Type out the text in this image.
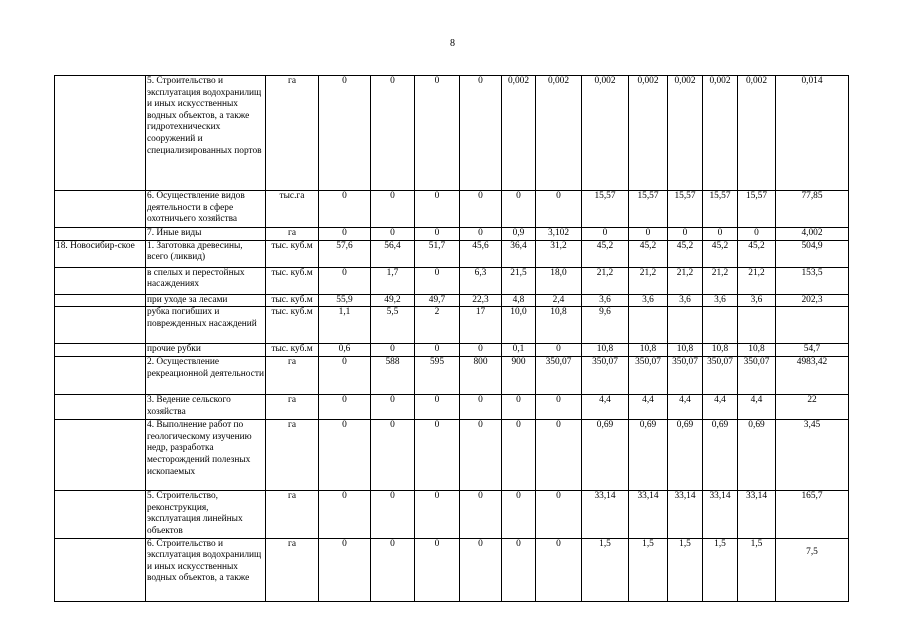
8
	5. Строительство и эксплуатация водохранилищ и иных искусственных водных объектов, а также гидротехнических сооружений и специализированных портов	га	0	0	0	0	0,002	0,002	0,002	0,002	0,002	0,002	0,002	0,014
	6. Осуществление видов деятельности в сфере охотничьего хозяйства	тыс.га	0	0	0	0	0	0	15,57	15,57	15,57	15,57	15,57	77,85
	7. Иные виды	га	0	0	0	0	0,9	3,102	0	0	0	0	0	4,002
18. Новосибир-ское	1. Заготовка древесины, всего (ликвид)	тыс. куб.м	57,6	56,4	51,7	45,6	36,4	31,2	45,2	45,2	45,2	45,2	45,2	504,9
	в спелых и перестойных насаждениях	тыс. куб.м	0	1,7	0	6,3	21,5	18,0	21,2	21,2	21,2	21,2	21,2	153,5
	при уходе за лесами	тыс. куб.м	55,9	49,2	49,7	22,3	4,8	2,4	3,6	3,6	3,6	3,6	3,6	202,3
	рубка погибших и поврежденных насаждений	тыс. куб.м	1,1	5,5	2	17	10,0	10,8	9,6					
	прочие рубки	тыс. куб.м	0,6	0	0	0	0,1	0	10,8	10,8	10,8	10,8	10,8	54,7
	2. Осуществление рекреационной деятельности	га	0	588	595	800	900	350,07	350,07	350,07	350,07	350,07	350,07	4983,42
	3. Ведение сельского хозяйства	га	0	0	0	0	0	0	4,4	4,4	4,4	4,4	4,4	22
	4. Выполнение работ по геологическому изучению недр, разработка месторождений полезных ископаемых	га	0	0	0	0	0	0	0,69	0,69	0,69	0,69	0,69	3,45
	5. Строительство, реконструкция, эксплуатация линейных объектов	га	0	0	0	0	0	0	33,14	33,14	33,14	33,14	33,14	165,7
	6. Строительство и эксплуатация водохранилищ и иных искусственных водных объектов, а также	га	0	0	0	0	0	0	1,5	1,5	1,5	1,5	1,5	7,5
